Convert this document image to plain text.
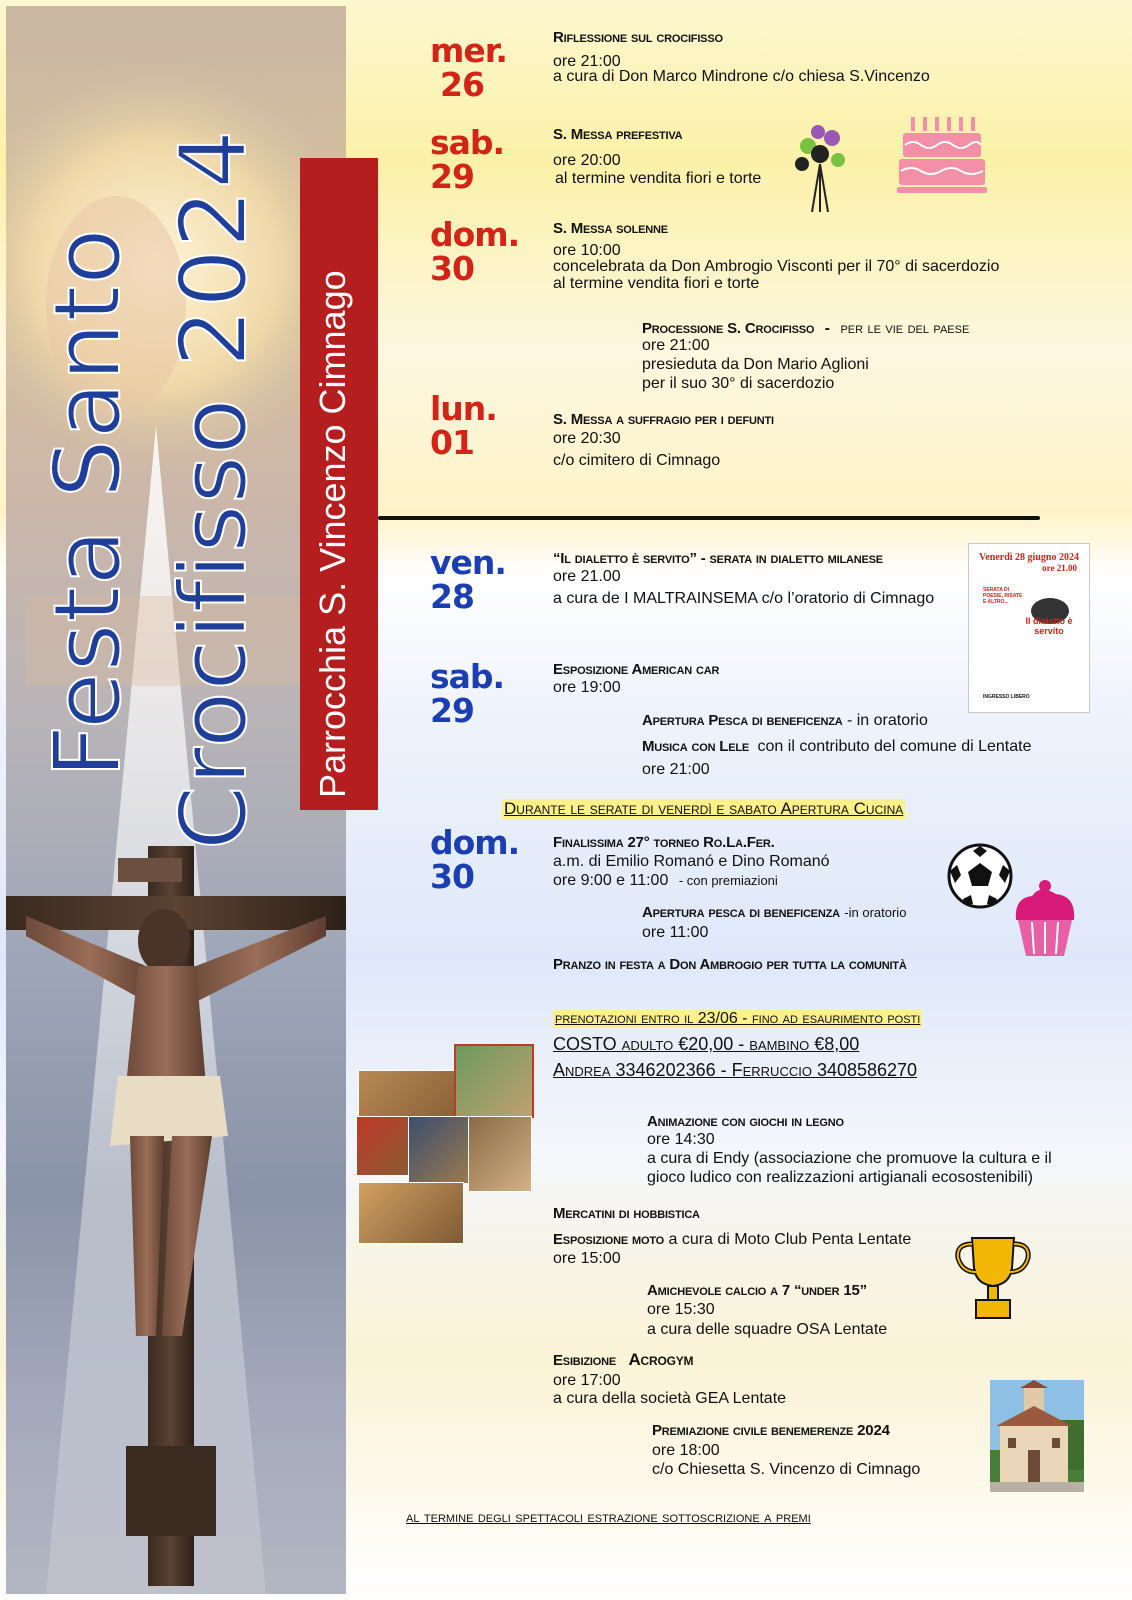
Festa Santo Crocifisso 2024 Parrocchia S. Vincenzo Cimnago
mer.
26
Riflessione sul crocifisso
ore 21:00
a cura di Don Marco Mindrone c/o chiesa S.Vincenzo
sab.
29
S. Messa prefestiva
ore 20:00
al termine vendita fiori e torte
dom.
30
S. Messa solenne
ore 10:00
concelebrata da Don Ambrogio Visconti per il 70° di sacerdozio
al termine vendita fiori e torte
Processione S. Crocifisso - per le vie del paese
ore 21:00
presieduta da Don Mario Aglioni
per il suo 30° di sacerdozio
lun.
01
S. Messa a suffragio per i defunti
ore 20:30
c/o cimitero di Cimnago
ven.
28
“Il dialetto è servito” - serata in dialetto milanese
ore 21.00
a cura de I MALTRAINSEMA c/o l’oratorio di Cimnago
Venerdì 28 giugno 2024
ore 21.00
SERATA DI POESIE, RISATE E ALTRO...
Il dialetto è servito
INGRESSO LIBERO
sab.
29
Esposizione American car
ore 19:00
Apertura Pesca di beneficenza - in oratorio
Musica con Lele con il contributo del comune di Lentate
ore 21:00
Durante le serate di venerdì e sabato Apertura Cucina
dom.
30
Finalissima 27° torneo Ro.La.Fer.
a.m. di Emilio Romanó e Dino Romanó
ore 9:00 e 11:00 - con premiazioni
Apertura pesca di beneficenza -in oratorio
ore 11:00
Pranzo in festa a Don Ambrogio per tutta la comunità
prenotazioni entro il 23/06 - fino ad esaurimento posti
COSTO adulto €20,00 - bambino €8,00
Andrea 3346202366 - Ferruccio 3408586270
Animazione con giochi in legno
ore 14:30
a cura di Endy (associazione che promuove la cultura e il
gioco ludico con realizzazioni artigianali ecosostenibili)
Mercatini di hobbistica
Esposizione moto a cura di Moto Club Penta Lentate
ore 15:00
Amichevole calcio a 7 “under 15”
ore 15:30
a cura delle squadre OSA Lentate
Esibizione Acrogym
ore 17:00
a cura della società GEA Lentate
Premiazione civile benemerenze 2024
ore 18:00
c/o Chiesetta S. Vincenzo di Cimnago
al termine degli spettacoli estrazione sottoscrizione a premi
